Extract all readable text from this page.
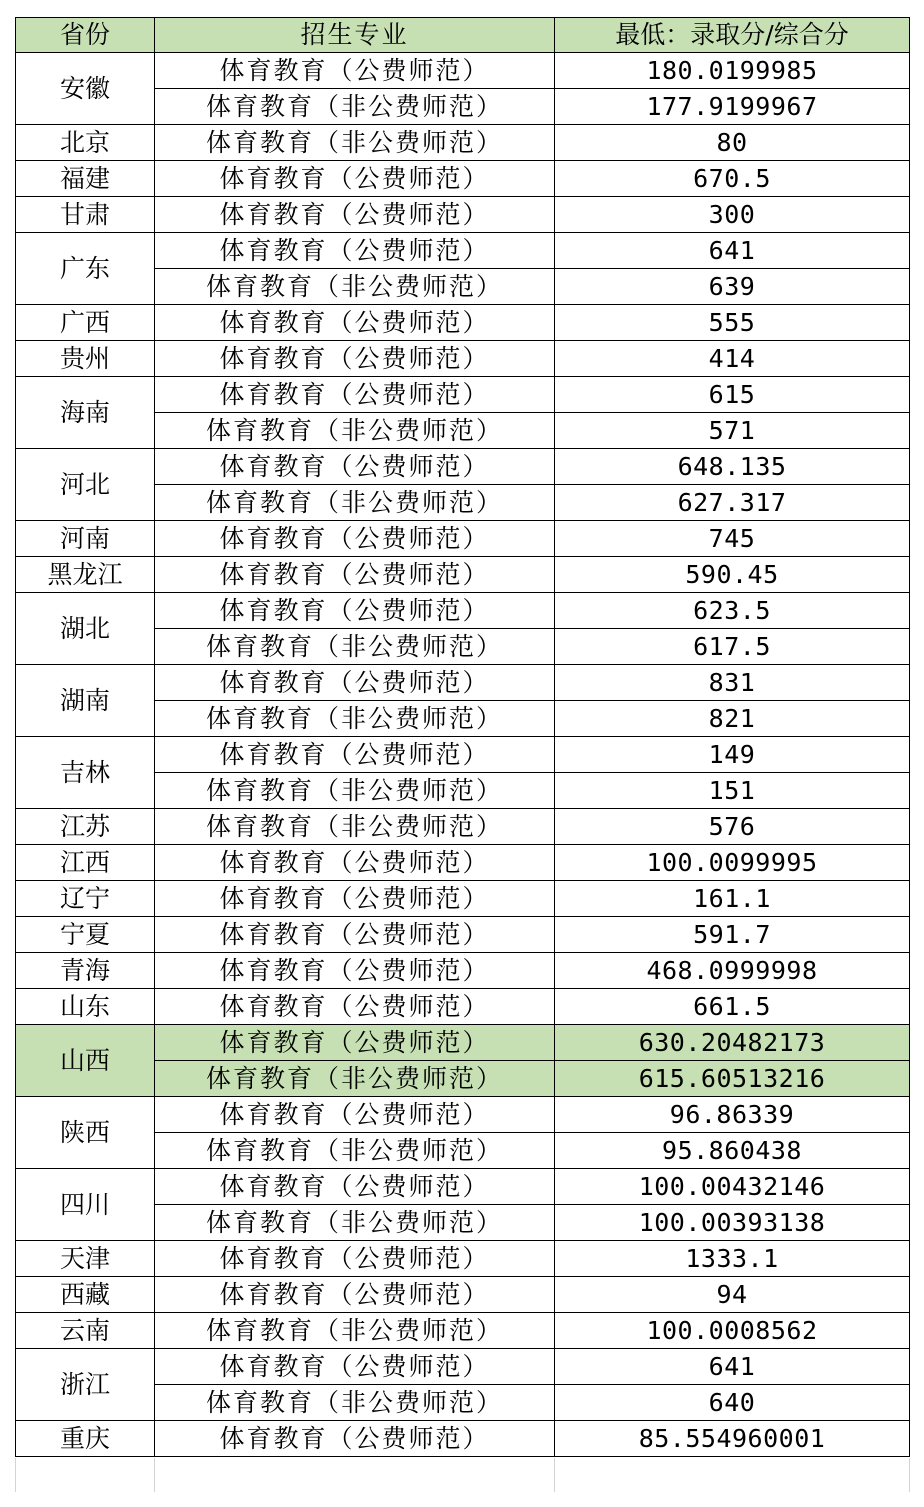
省份	招生专业	最低：录取分/综合分
安徽	体育教育（公费师范）	180.0199985
	体育教育（非公费师范）	177.9199967
北京	体育教育（非公费师范）	80
福建	体育教育（公费师范）	670.5
甘肃	体育教育（公费师范）	300
广东	体育教育（公费师范）	641
	体育教育（非公费师范）	639
广西	体育教育（公费师范）	555
贵州	体育教育（公费师范）	414
海南	体育教育（公费师范）	615
	体育教育（非公费师范）	571
河北	体育教育（公费师范）	648.135
	体育教育（非公费师范）	627.317
河南	体育教育（公费师范）	745
黑龙江	体育教育（公费师范）	590.45
湖北	体育教育（公费师范）	623.5
	体育教育（非公费师范）	617.5
湖南	体育教育（公费师范）	831
	体育教育（非公费师范）	821
吉林	体育教育（公费师范）	149
	体育教育（非公费师范）	151
江苏	体育教育（非公费师范）	576
江西	体育教育（公费师范）	100.0099995
辽宁	体育教育（公费师范）	161.1
宁夏	体育教育（公费师范）	591.7
青海	体育教育（公费师范）	468.0999998
山东	体育教育（公费师范）	661.5
山西	体育教育（公费师范）	630.20482173
	体育教育（非公费师范）	615.60513216
陕西	体育教育（公费师范）	96.86339
	体育教育（非公费师范）	95.860438
四川	体育教育（公费师范）	100.00432146
	体育教育（非公费师范）	100.00393138
天津	体育教育（公费师范）	1333.1
西藏	体育教育（公费师范）	94
云南	体育教育（非公费师范）	100.0008562
浙江	体育教育（公费师范）	641
	体育教育（非公费师范）	640
重庆	体育教育（公费师范）	85.554960001
